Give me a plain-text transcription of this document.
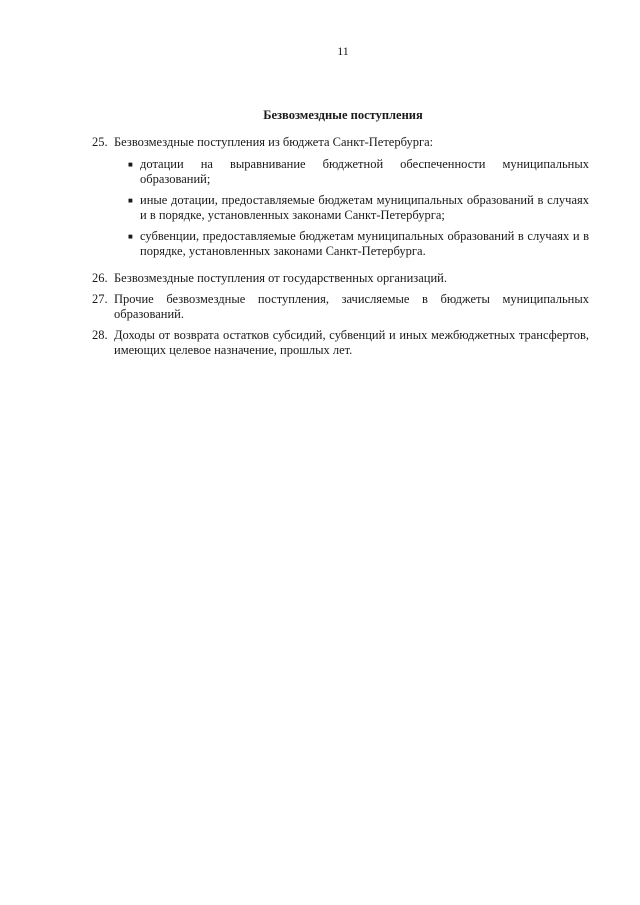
11
Безвозмездные поступления
25. Безвозмездные поступления из бюджета Санкт-Петербурга:
■ дотации на выравнивание бюджетной обеспеченности муниципальных образований;
■ иные дотации, предоставляемые бюджетам муниципальных образований в случаях и в порядке, установленных законами Санкт-Петербурга;
■ субвенции, предоставляемые бюджетам муниципальных образований в случаях и в порядке, установленных законами Санкт-Петербурга.
26. Безвозмездные поступления от государственных организаций.
27. Прочие безвозмездные поступления, зачисляемые в бюджеты муниципальных образований.
28. Доходы от возврата остатков субсидий, субвенций и иных межбюджетных трансфертов, имеющих целевое назначение, прошлых лет.
